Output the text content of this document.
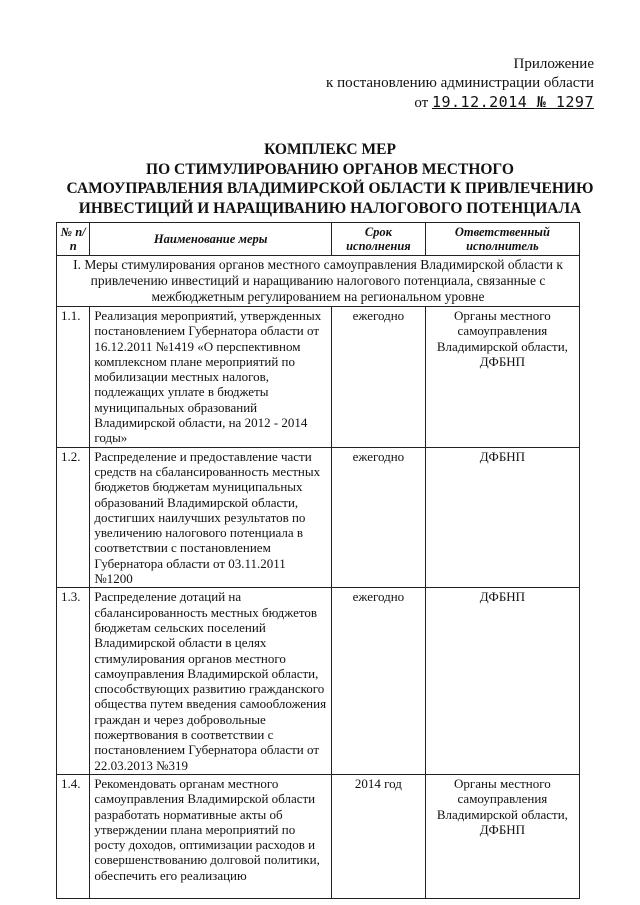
Приложение
к постановлению администрации области
от 19.12.2014 № 1297
КОМПЛЕКС МЕР
ПО СТИМУЛИРОВАНИЮ ОРГАНОВ МЕСТНОГО
САМОУПРАВЛЕНИЯ ВЛАДИМИРСКОЙ ОБЛАСТИ К ПРИВЛЕЧЕНИЮ
ИНВЕСТИЦИЙ И НАРАЩИВАНИЮ НАЛОГОВОГО ПОТЕНЦИАЛА
№ п/п	Наименование меры	Срок исполнения	Ответственный исполнитель
I. Меры стимулирования органов местного самоуправления Владимирской области к привлечению инвестиций и наращиванию налогового потенциала, связанные с межбюджетным регулированием на региональном уровне			
1.1.	Реализация мероприятий, утвержденных постановлением Губернатора области от 16.12.2011 №1419 «О перспективном комплексном плане мероприятий по мобилизации местных налогов, подлежащих уплате в бюджеты муниципальных образований Владимирской области, на 2012 - 2014 годы»	ежегодно	Органы местного самоуправления Владимирской области, ДФБНП
1.2.	Распределение и предоставление части средств на сбалансированность местных бюджетов бюджетам муниципальных образований Владимирской области, достигших наилучших результатов по увеличению налогового потенциала в соответствии с постановлением Губернатора области от 03.11.2011 №1200	ежегодно	ДФБНП
1.3.	Распределение дотаций на сбалансированность местных бюджетов бюджетам сельских поселений Владимирской области в целях стимулирования органов местного самоуправления Владимирской области, способствующих развитию гражданского общества путем введения самообложения граждан и через добровольные пожертвования в соответствии с постановлением Губернатора области от 22.03.2013 №319	ежегодно	ДФБНП
1.4.	Рекомендовать органам местного самоуправления Владимирской области разработать нормативные акты об утверждении плана мероприятий по росту доходов, оптимизации расходов и совершенствованию долговой политики, обеспечить его реализацию	2014 год	Органы местного самоуправления Владимирской области, ДФБНП
